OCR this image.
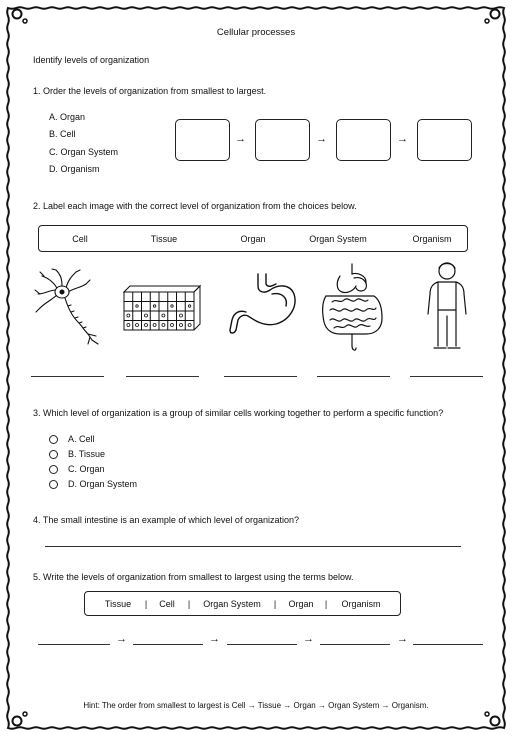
Cellular processes
Identify levels of organization
1. Order the levels of organization from smallest to largest.
A. Organ
B. Cell
C. Organ System
D. Organism
→	→	→
2. Label each image with the correct level of organization from the choices below.
Cell	Tissue	Organ	Organ System	Organism
3. Which level of organization is a group of similar cells working together to perform a specific function?
A. Cell
B. Tissue
C. Organ
D. Organ System
4. The small intestine is an example of which level of organization?
5. Write the levels of organization from smallest to largest using the terms below.
Tissue | Cell | Organ System | Organ | Organism
→	→	→	→
Hint: The order from smallest to largest is Cell → Tissue → Organ → Organ System → Organism.
